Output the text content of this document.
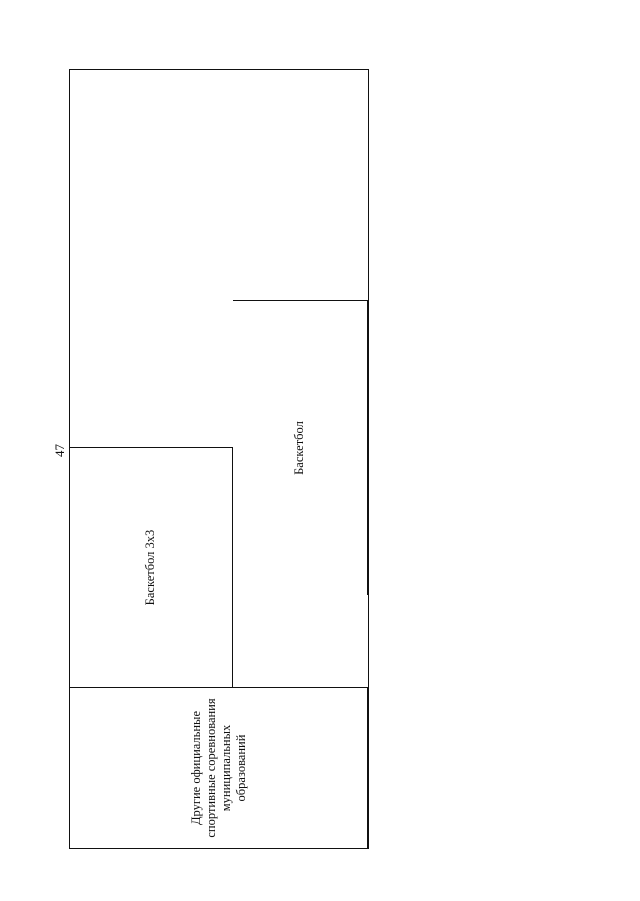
47
Другие официальные спортивные соревнования муниципальных образований
Баскетбол 3х3
Баскетбол
